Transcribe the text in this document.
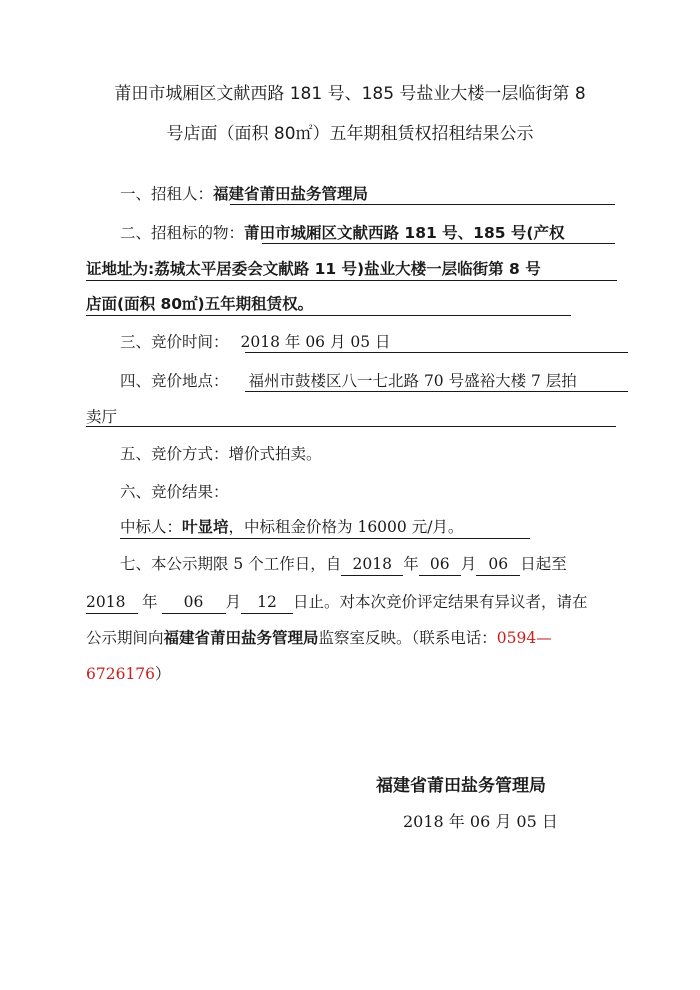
莆田市城厢区文献西路 181 号、185 号盐业大楼一层临街第 8
号店面（面积 80㎡）五年期租赁权招租结果公示
一、招租人：福建省莆田盐务管理局
二、招租标的物：莆田市城厢区文献西路 181 号、185 号(产权
证地址为:荔城太平居委会文献路 11 号)盐业大楼一层临街第 8 号
店面(面积 80㎡)五年期租赁权。
三、竞价时间： 2018 年 06 月 05 日
四、竞价地点： 福州市鼓楼区八一七北路 70 号盛裕大楼 7 层拍
卖厅
五、竞价方式：增价式拍卖。
六、竞价结果：
中标人：叶显培，中标租金价格为 16000 元/月。
七、本公示期限 5 个工作日，自 2018 年 06 月 06 日起至
2018 年 06 月 12 日止。对本次竞价评定结果有异议者，请在
公示期间向福建省莆田盐务管理局监察室反映。（联系电话：0594—
6726176）
福建省莆田盐务管理局
2018 年 06 月 05 日
